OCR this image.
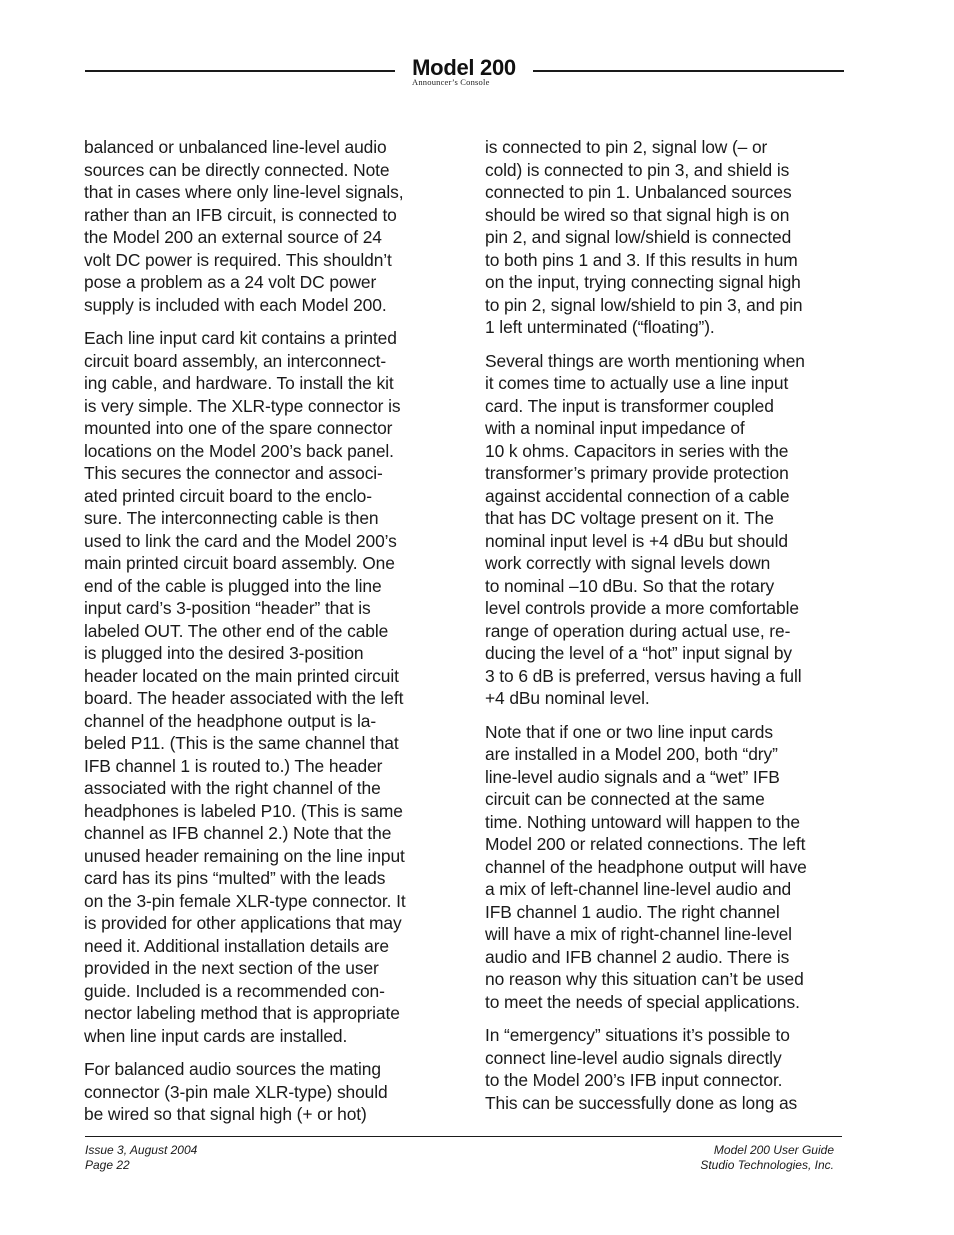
Model 200
Announcer’s Console

balanced or unbalanced line-level audio
sources can be directly connected. Note
that in cases where only line-level signals,
rather than an IFB circuit, is connected to
the Model 200 an external source of 24
volt DC power is required. This shouldn’t
pose a problem as a 24 volt DC power
supply is included with each Model 200.

Each line input card kit contains a printed
circuit board assembly, an interconnect-
ing cable, and hardware. To install the kit
is very simple. The XLR-type connector is
mounted into one of the spare connector
locations on the Model 200’s back panel.
This secures the connector and associ-
ated printed circuit board to the enclo-
sure. The interconnecting cable is then
used to link the card and the Model 200’s
main printed circuit board assembly. One
end of the cable is plugged into the line
input card’s 3-position “header” that is
labeled OUT. The other end of the cable
is plugged into the desired 3-position
header located on the main printed circuit
board. The header associated with the left
channel of the headphone output is la-
beled P11. (This is the same channel that
IFB channel 1 is routed to.) The header
associated with the right channel of the
headphones is labeled P10. (This is same
channel as IFB channel 2.) Note that the
unused header remaining on the line input
card has its pins “multed” with the leads
on the 3-pin female XLR-type connector. It
is provided for other applications that may
need it. Additional installation details are
provided in the next section of the user
guide. Included is a recommended con-
nector labeling method that is appropriate
when line input cards are installed.

For balanced audio sources the mating
connector (3-pin male XLR-type) should
be wired so that signal high (+ or hot)

is connected to pin 2, signal low (– or
cold) is connected to pin 3, and shield is
connected to pin 1. Unbalanced sources
should be wired so that signal high is on
pin 2, and signal low/shield is connected
to both pins 1 and 3. If this results in hum
on the input, trying connecting signal high
to pin 2, signal low/shield to pin 3, and pin
1 left unterminated (“floating”).

Several things are worth mentioning when
it comes time to actually use a line input
card. The input is transformer coupled
with a nominal input impedance of
10 k ohms. Capacitors in series with the
transformer’s primary provide protection
against accidental connection of a cable
that has DC voltage present on it. The
nominal input level is +4 dBu but should
work correctly with signal levels down
to nominal –10 dBu. So that the rotary
level controls provide a more comfortable
range of operation during actual use, re-
ducing the level of a “hot” input signal by
3 to 6 dB is preferred, versus having a full
+4 dBu nominal level.

Note that if one or two line input cards
are installed in a Model 200, both “dry”
line-level audio signals and a “wet” IFB
circuit can be connected at the same
time. Nothing untoward will happen to the
Model 200 or related connections. The left
channel of the headphone output will have
a mix of left-channel line-level audio and
IFB channel 1 audio. The right channel
will have a mix of right-channel line-level
audio and IFB channel 2 audio. There is
no reason why this situation can’t be used
to meet the needs of special applications.

In “emergency” situations it’s possible to
connect line-level audio signals directly
to the Model 200’s IFB input connector.
This can be successfully done as long as

Issue 3, August 2004
Page 22
Model 200 User Guide
Studio Technologies, Inc.
